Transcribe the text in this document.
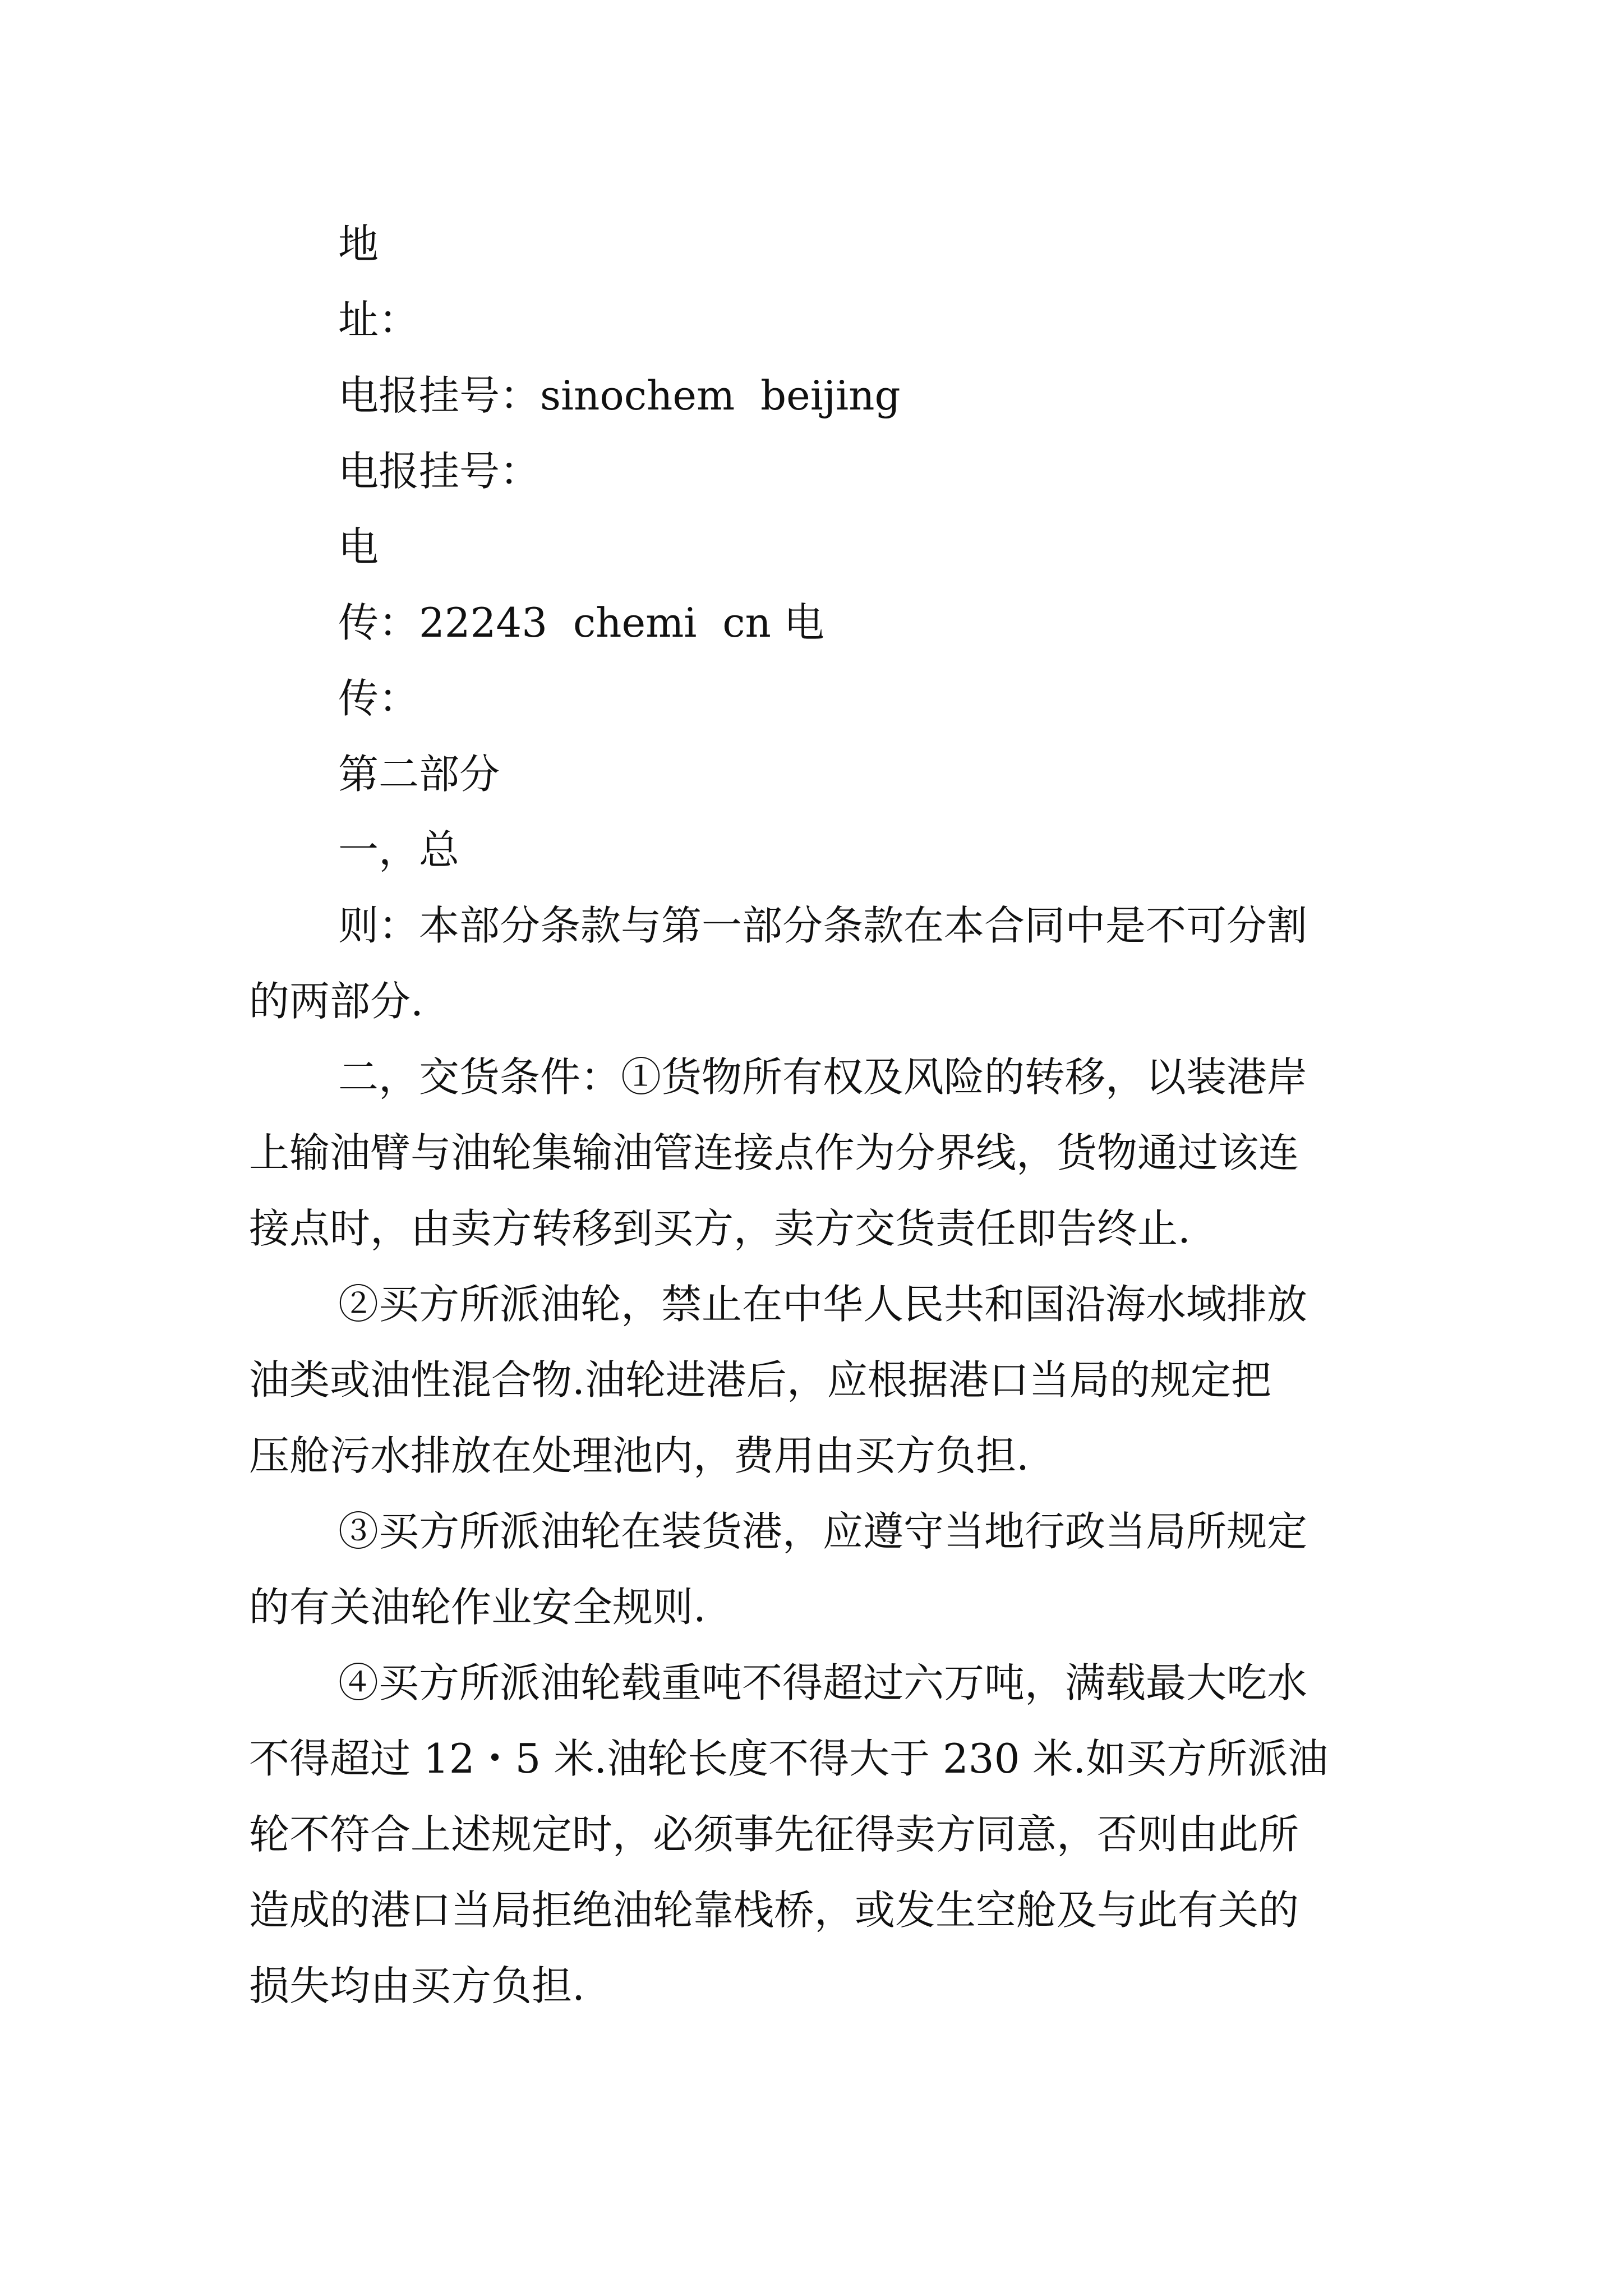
地
址：
电报挂号：sinochem  beijing
电报挂号：
电
传：22243  chemi  cn 电
传：
第二部分
一，总
则：本部分条款与第一部分条款在本合同中是不可分割
的两部分.
二，交货条件：①货物所有权及风险的转移，以装港岸
上输油臂与油轮集输油管连接点作为分界线，货物通过该连
接点时，由卖方转移到买方，卖方交货责任即告终止.
②买方所派油轮，禁止在中华人民共和国沿海水域排放
油类或油性混合物.油轮进港后，应根据港口当局的规定把
压舱污水排放在处理池内，费用由买方负担.
③买方所派油轮在装货港，应遵守当地行政当局所规定
的有关油轮作业安全规则.
④买方所派油轮载重吨不得超过六万吨，满载最大吃水
不得超过 12・5 米.油轮长度不得大于 230 米.如买方所派油
轮不符合上述规定时，必须事先征得卖方同意，否则由此所
造成的港口当局拒绝油轮靠栈桥，或发生空舱及与此有关的
损失均由买方负担.
